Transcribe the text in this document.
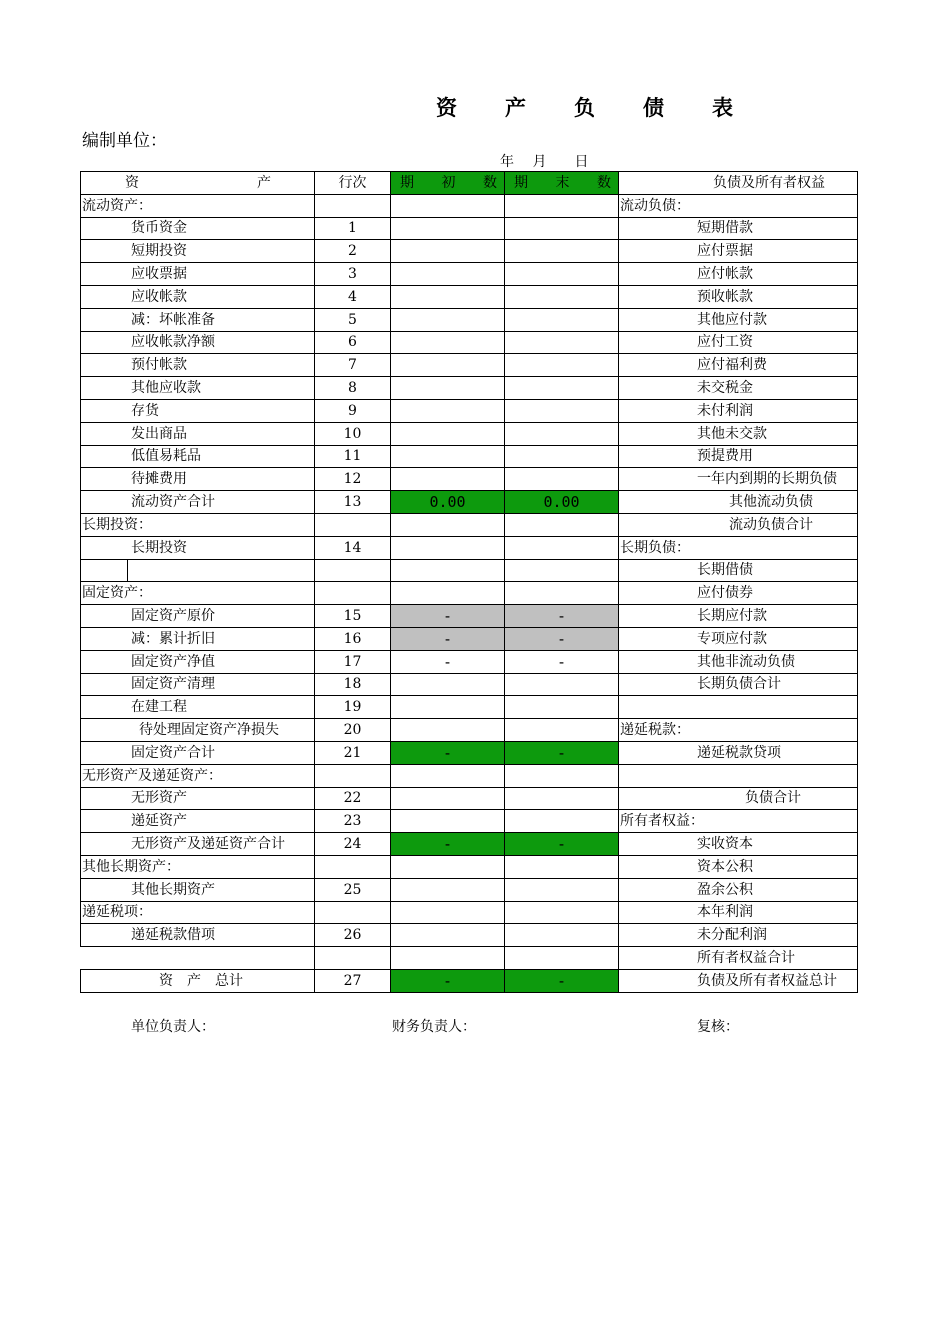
资产负债表
编制单位：
年　 月　　日
资 产	行次	期 初 数	期 末 数	负债及所有者权益
流动资产：				流动负债：
货币资金	1			短期借款
短期投资	2			应付票据
应收票据	3			应付帐款
应收帐款	4			预收帐款
减：坏帐准备	5			其他应付款
应收帐款净额	6			应付工资
预付帐款	7			应付福利费
其他应收款	8			未交税金
存货	9			未付利润
发出商品	10			其他未交款
低值易耗品	11			预提费用
待摊费用	12			一年内到期的长期负债
流动资产合计	13	0.00	0.00	其他流动负债
长期投资：				流动负债合计
长期投资	14			长期负债：

				长期借债
固定资产：				应付债券
固定资产原价	15	-	-	长期应付款
减：累计折旧	16	-	-	专项应付款
固定资产净值	17	-	-	其他非流动负债
固定资产清理	18			长期负债合计
在建工程	19			
待处理固定资产净损失	20			递延税款：
固定资产合计	21	-	-	递延税款贷项
无形资产及递延资产：				
无形资产	22			负债合计
递延资产	23			所有者权益：
无形资产及递延资产合计	24	-	-	实收资本
其他长期资产：				资本公积
其他长期资产	25			盈余公积
递延税项：				本年利润
递延税款借项	26			未分配利润
				所有者权益合计
资　产　总计	27	-	-	负债及所有者权益总计
单位负责人：	财务负责人：	复核：
